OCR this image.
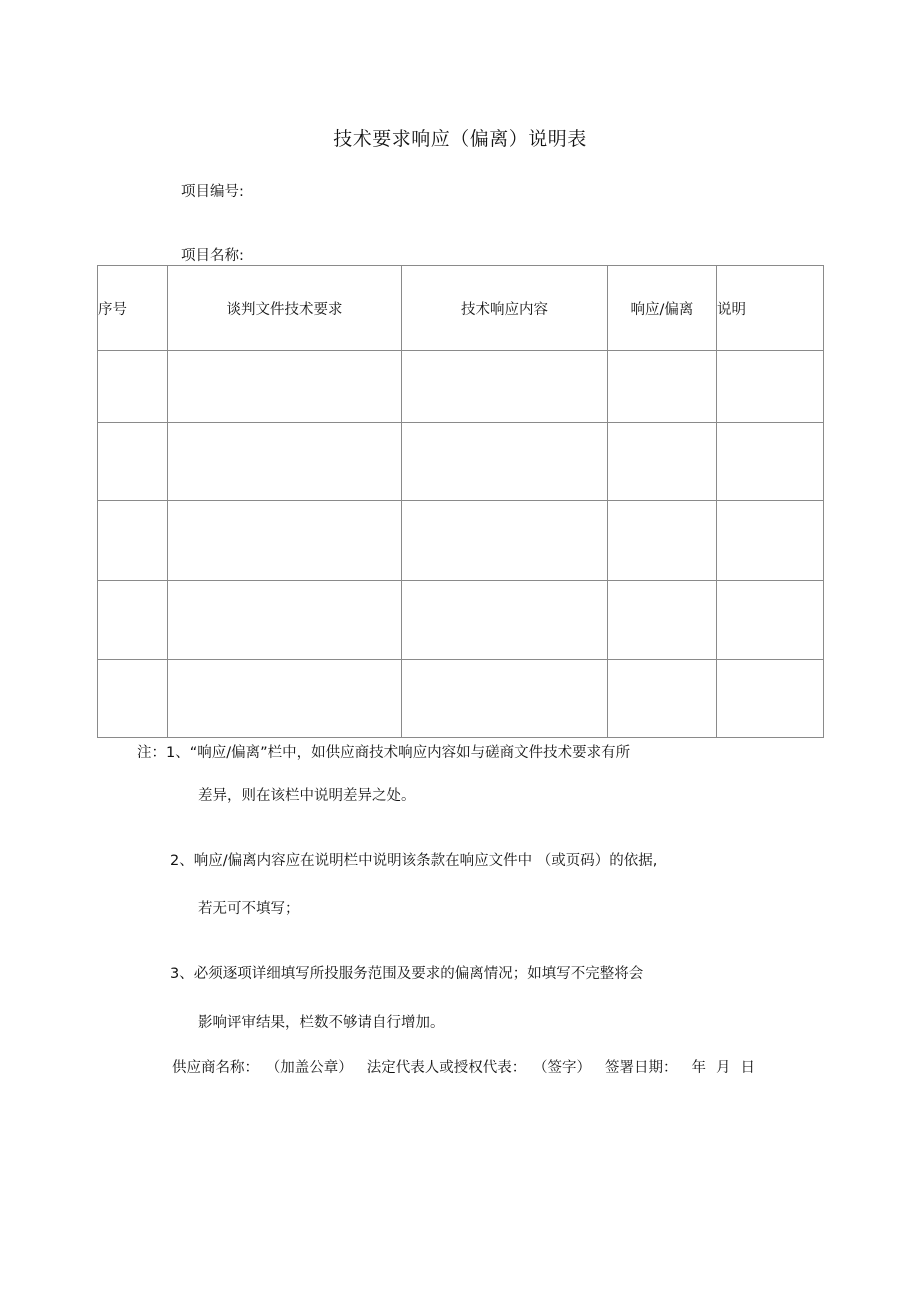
技术要求响应（偏离）说明表
项目编号:
项目名称:
序号	谈判文件技术要求	技术响应内容	响应/偏离	说明

注：1、“响应/偏离”栏中，如供应商技术响应内容如与磋商文件技术要求有所
差异，则在该栏中说明差异之处。
2、响应/偏离内容应在说明栏中说明该条款在响应文件中 （或页码）的依据,
若无可不填写；
3、必须逐项详细填写所投服务范围及要求的偏离情况；如填写不完整将会
影响评审结果，栏数不够请自行增加。
供应商名称： （加盖公章） 法定代表人或授权代表： （签字） 签署日期： 年 月 日
